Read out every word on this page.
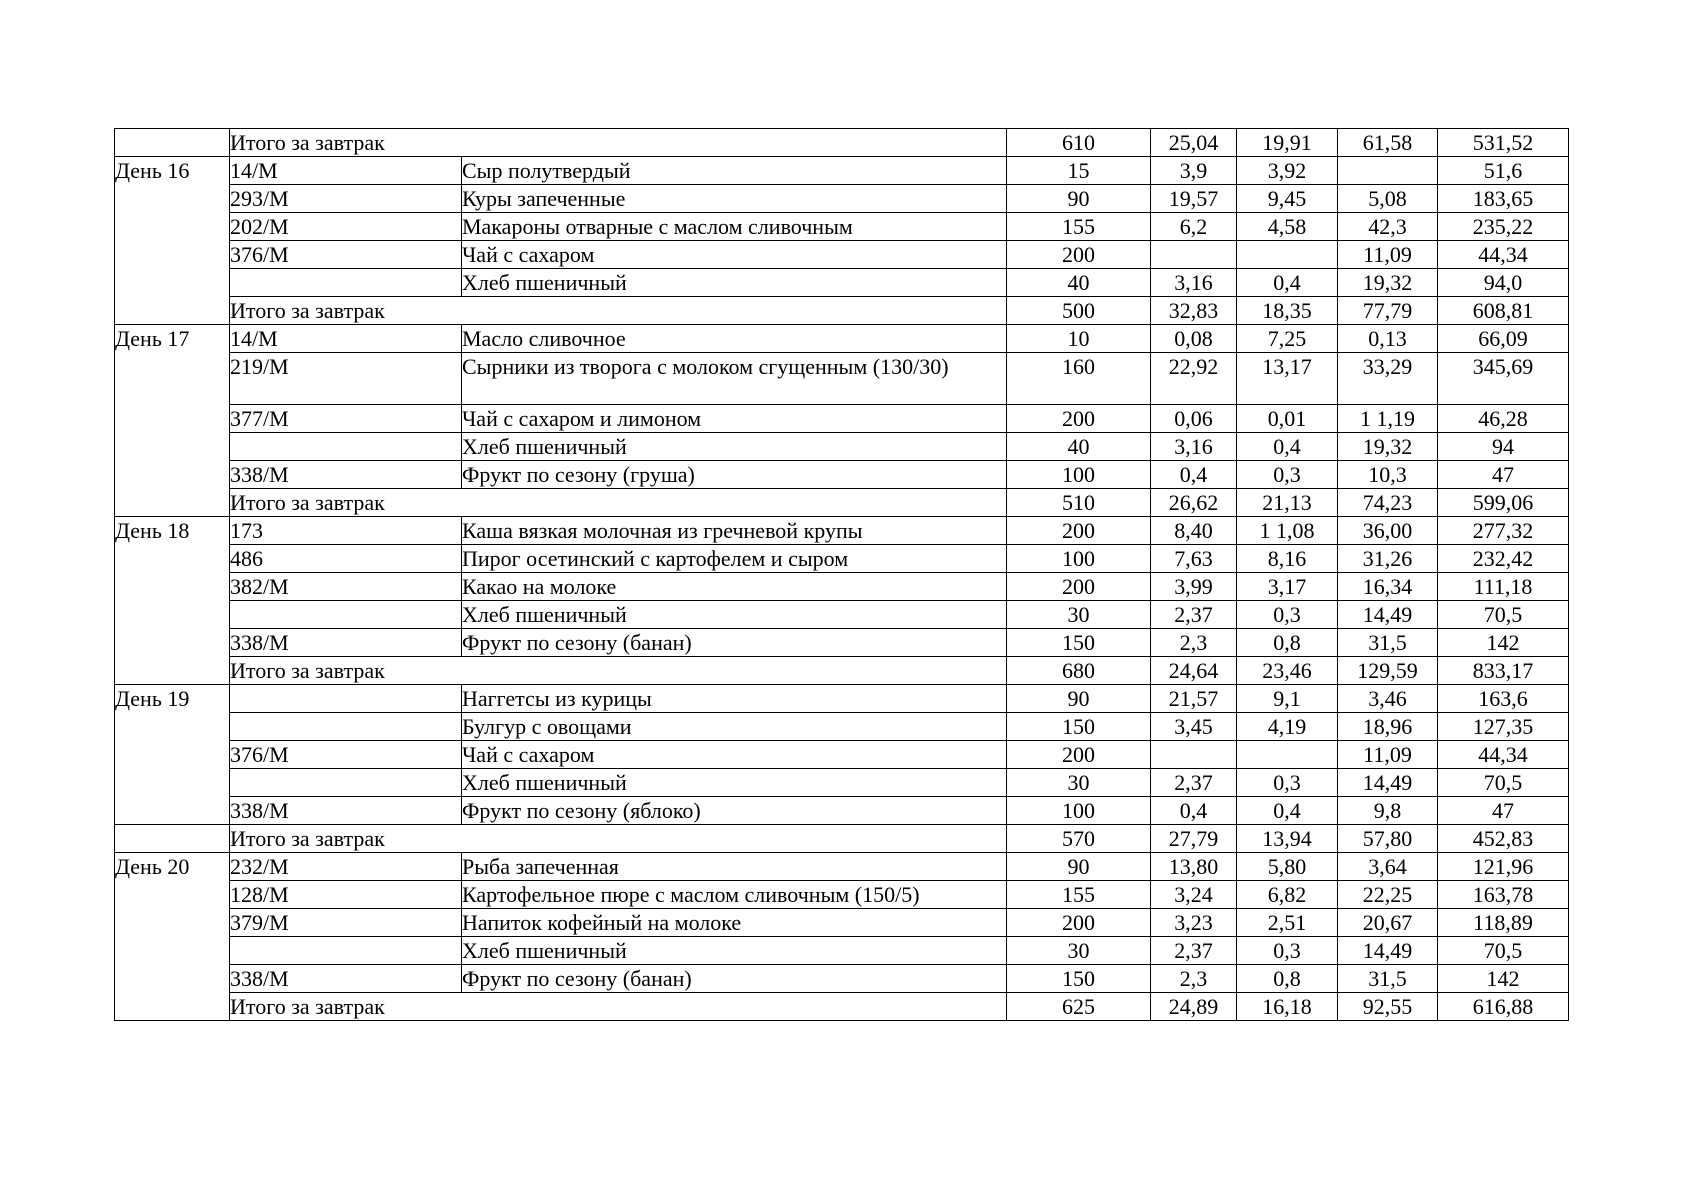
	Итого за завтрак		610	25,04	19,91	61,58	531,52
День 16	14/М	Сыр полутвердый	15	3,9	3,92		51,6
	293/М	Куры запеченные	90	19,57	9,45	5,08	183,65
	202/М	Макароны отварные с маслом сливочным	155	6,2	4,58	42,3	235,22
	376/М	Чай с сахаром	200			11,09	44,34
		Хлеб пшеничный	40	3,16	0,4	19,32	94,0
	Итого за завтрак		500	32,83	18,35	77,79	608,81
День 17	14/М	Масло сливочное	10	0,08	7,25	0,13	66,09
	219/М	Сырники из творога с молоком сгущенным (130/30)	160	22,92	13,17	33,29	345,69
	377/М	Чай с сахаром и лимоном	200	0,06	0,01	1 1,19	46,28
		Хлеб пшеничный	40	3,16	0,4	19,32	94
	338/М	Фрукт по сезону (груша)	100	0,4	0,3	10,3	47
	Итого за завтрак		510	26,62	21,13	74,23	599,06
День 18	173	Каша вязкая молочная из гречневой крупы	200	8,40	1 1,08	36,00	277,32
	486	Пирог осетинский с картофелем и сыром	100	7,63	8,16	31,26	232,42
	382/М	Какао на молоке	200	3,99	3,17	16,34	111,18
		Хлеб пшеничный	30	2,37	0,3	14,49	70,5
	338/М	Фрукт по сезону (банан)	150	2,3	0,8	31,5	142
	Итого за завтрак		680	24,64	23,46	129,59	833,17
День 19		Наггетсы из курицы	90	21,57	9,1	3,46	163,6
		Булгур с овощами	150	3,45	4,19	18,96	127,35
	376/М	Чай с сахаром	200			11,09	44,34
		Хлеб пшеничный	30	2,37	0,3	14,49	70,5
	338/М	Фрукт по сезону (яблоко)	100	0,4	0,4	9,8	47
	Итого за завтрак		570	27,79	13,94	57,80	452,83
День 20	232/М	Рыба запеченная	90	13,80	5,80	3,64	121,96
	128/М	Картофельное пюре с маслом сливочным (150/5)	155	3,24	6,82	22,25	163,78
	379/М	Напиток кофейный на молоке	200	3,23	2,51	20,67	118,89
		Хлеб пшеничный	30	2,37	0,3	14,49	70,5
	338/М	Фрукт по сезону (банан)	150	2,3	0,8	31,5	142
	Итого за завтрак		625	24,89	16,18	92,55	616,88
